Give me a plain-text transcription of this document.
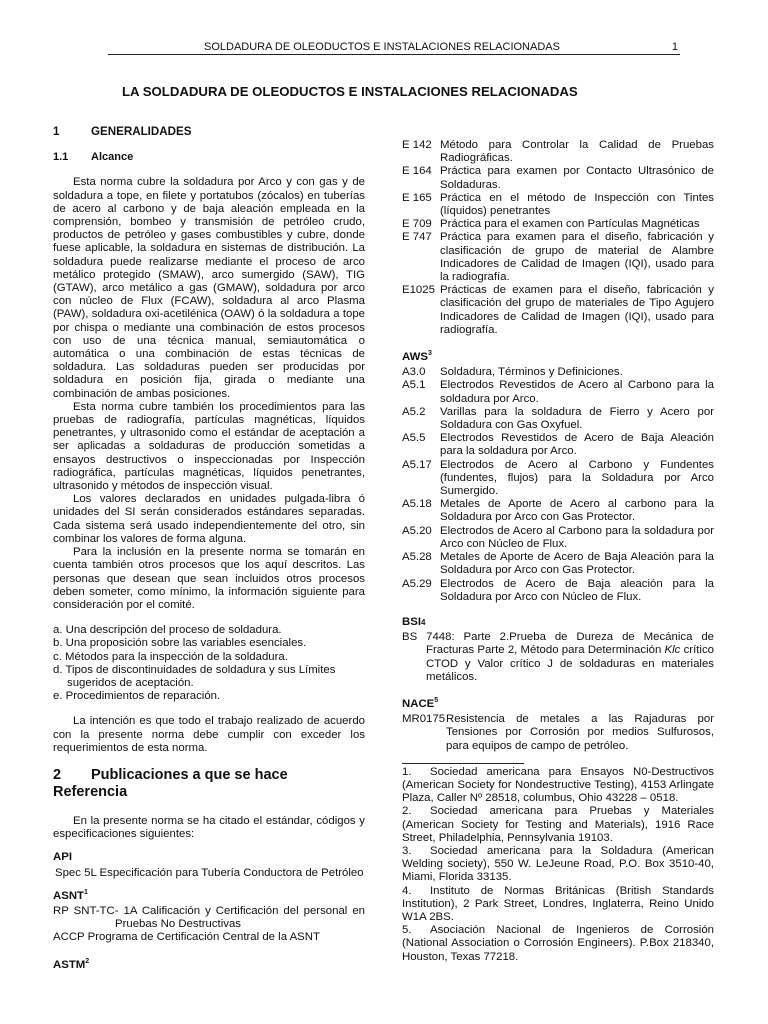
SOLDADURA DE OLEODUCTOS E INSTALACIONES RELACIONADAS	1
LA SOLDADURA DE OLEODUCTOS E INSTALACIONES RELACIONADAS
1	GENERALIDADES
1.1 Alcance

Esta norma cubre la soldadura por Arco y con gas y de soldadura a tope, en filete y portatubos (zócalos) en tuberías de acero al carbono y de baja aleación empleada en la comprensión, bombeo y transmisión de petróleo crudo, productos de petróleo y gases combustibles y cubre, donde fuese aplicable, la soldadura en sistemas de distribución. La soldadura puede realizarse mediante el proceso de arco metálico protegido (SMAW), arco sumergido (SAW), TIG (GTAW), arco metálico a gas (GMAW), soldadura por arco con núcleo de Flux (FCAW), soldadura al arco Plasma (PAW), soldadura oxi-acetilénica (OAW) ó la soldadura a tope por chispa o mediante una combinación de estos procesos con uso de una técnica manual, semiautomática o automática o una combinación de estas técnicas de soldadura. Las soldaduras pueden ser producidas por soldadura en posición fija, girada o mediante una combinación de ambas posiciones.

Esta norma cubre también los procedimientos para las pruebas de radiografía, partículas magnéticas, líquidos penetrantes, y ultrasonido como el estándar de aceptación a ser aplicadas a soldaduras de producción sometidas a ensayos destructivos o inspeccionadas por Inspección radiográfica, partículas magnéticas, líquidos penetrantes, ultrasonido y métodos de inspección visual.

Los valores declarados en unidades pulgada-libra ó unidades del SI serán considerados estándares separadas. Cada sistema será usado independientemente del otro, sin combinar los valores de forma alguna.

Para la inclusión en la presente norma se tomarán en cuenta también otros procesos que los aquí descritos. Las personas que desean que sean incluidos otros procesos deben someter, como mínimo, la información siguiente para consideración por el comité.

a. Una descripción del proceso de soldadura.
b. Una proposición sobre las variables esenciales.
c. Métodos para la inspección de la soldadura.
d. Tipos de discontinuidades de soldadura y sus Límites sugeridos de aceptación.
e. Procedimientos de reparación.

La intención es que todo el trabajo realizado de acuerdo con la presente norma debe cumplir con exceder los requerimientos de esta norma.

2 Publicaciones a que se hace Referencia

En la presente norma se ha citado el estándar, códigos y especificaciones siguientes:

API
Spec 5L Especificación para Tubería Conductora de Petróleo
ASNT$^1$
RP SNT-TC- 1A Calificación y Certificación del personal en Pruebas No Destructivas
ACCP Programa de Certificación Central de la ASNT
ASTM$^2$
E 142 Método para Controlar la Calidad de Pruebas Radiográficas.
E 164 Práctica para examen por Contacto Ultrasónico de Soldaduras.
E 165 Práctica en el método de Inspección con Tintes (líquidos) penetrantes
E 709 Práctica para el examen con Partículas Magnéticas
E 747 Práctica para examen para el diseño, fabricación y clasificación de grupo de material de Alambre Indicadores de Calidad de Imagen (IQI), usado para la radiografía.
E1025 Prácticas de examen para el diseño, fabricación y clasificación del grupo de materiales de Tipo Agujero Indicadores de Calidad de Imagen (IQI), usado para radiografía.
AWS$^3$
A3.0	Soldadura, Términos y Definiciones.
A5.1	Electrodos Revestidos de Acero al Carbono para la soldadura por Arco.
A5.2	Varillas para la soldadura de Fierro y Acero por Soldadura con Gas Oxyfuel.
A5.5	Electrodos Revestidos de Acero de Baja Aleación para la soldadura por Arco.
A5.17 Electrodos de Acero al Carbono y Fundentes (fundentes, flujos) para la Soldadura por Arco Sumergido.
A5.18 Metales de Aporte de Acero al carbono para la Soldadura por Arco con Gas Protector.
A5.20 Electrodos de Acero al Carbono para la soldadura por Arco con Núcleo de Flux.
A5.28 Metales de Aporte de Acero de Baja Aleación para la Soldadura por Arco con Gas Protector.
A5.29 Electrodos de Acero de Baja aleación para la Soldadura por Arco con Núcleo de Flux.
BSI4
BS 7448: Parte 2.Prueba de Dureza de Mecánica de Fracturas Parte 2, Método para Determinación Klc crítico CTOD y Valor crítico J de soldaduras en materiales metálicos.
NACE$^5$
MR0175 Resistencia de metales a las Rajaduras por Tensiones por Corrosión por medios Sulfurosos, para equipos de campo de petróleo.

1. Sociedad americana para Ensayos N0-Destructivos (American Society for Nondestructive Testing), 4153 Arlingate Plaza, Caller Nº 28518, columbus, Ohio 43228 – 0518.

2. Sociedad americana para Pruebas y Materiales (American Society for Testing and Materials), 1916 Race Street, Philadelphia, Pennsylvania 19103.

3. Sociedad americana para la Soldadura (American Welding society), 550 W. LeJeune Road, P.O. Box 3510-40, Miami, Florida 33135.

4. Instituto de Normas Británicas (British Standards Institution), 2 Park Street, Londres, Inglaterra, Reino Unido W1A 2BS.

5. Asociación Nacional de Ingenieros de Corrosión (National Association o Corrosión Engineers). P.Box 218340, Houston, Texas 77218.
